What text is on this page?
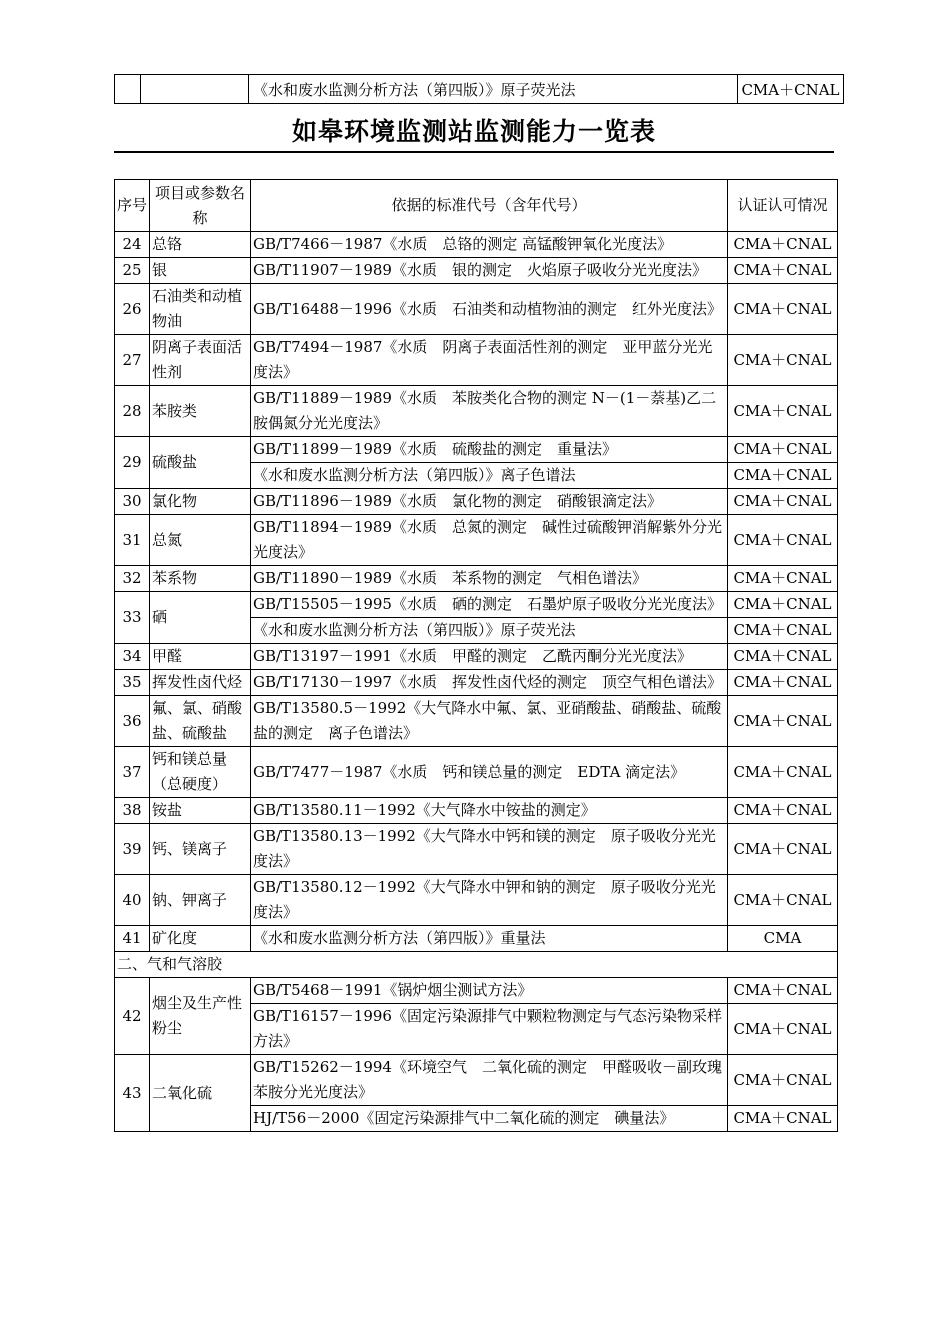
		《水和废水监测分析方法（第四版）》原子荧光法	CMA＋CNAL
如皋环境监测站监测能力一览表
序号	项目或参数名称	依据的标准代号（含年代号）	认证认可情况
24	总铬	GB/T7466－1987《水质　总铬的测定 高锰酸钾氧化光度法》	CMA＋CNAL
25	银	GB/T11907－1989《水质　银的测定　火焰原子吸收分光光度法》	CMA＋CNAL
26	石油类和动植物油	GB/T16488－1996《水质　石油类和动植物油的测定　红外光度法》	CMA＋CNAL
27	阴离子表面活性剂	GB/T7494－1987《水质　阴离子表面活性剂的测定　亚甲蓝分光光度法》	CMA＋CNAL
28	苯胺类	GB/T11889－1989《水质　苯胺类化合物的测定 N－(1－萘基)乙二胺偶氮分光光度法》	CMA＋CNAL
29	硫酸盐	GB/T11899－1989《水质　硫酸盐的测定　重量法》	CMA＋CNAL
		《水和废水监测分析方法（第四版）》离子色谱法	CMA＋CNAL
30	氯化物	GB/T11896－1989《水质　氯化物的测定　硝酸银滴定法》	CMA＋CNAL
31	总氮	GB/T11894－1989《水质　总氮的测定　碱性过硫酸钾消解紫外分光光度法》	CMA＋CNAL
32	苯系物	GB/T11890－1989《水质　苯系物的测定　气相色谱法》	CMA＋CNAL
33	硒	GB/T15505－1995《水质　硒的测定　石墨炉原子吸收分光光度法》	CMA＋CNAL
		《水和废水监测分析方法（第四版）》原子荧光法	CMA＋CNAL
34	甲醛	GB/T13197－1991《水质　甲醛的测定　乙酰丙酮分光光度法》	CMA＋CNAL
35	挥发性卤代烃	GB/T17130－1997《水质　挥发性卤代烃的测定　顶空气相色谱法》	CMA＋CNAL
36	氟、氯、硝酸盐、硫酸盐	GB/T13580.5－1992《大气降水中氟、氯、亚硝酸盐、硝酸盐、硫酸盐的测定　离子色谱法》	CMA＋CNAL
37	钙和镁总量（总硬度）	GB/T7477－1987《水质　钙和镁总量的测定　EDTA 滴定法》	CMA＋CNAL
38	铵盐	GB/T13580.11－1992《大气降水中铵盐的测定》	CMA＋CNAL
39	钙、镁离子	GB/T13580.13－1992《大气降水中钙和镁的测定　原子吸收分光光度法》	CMA＋CNAL
40	钠、钾离子	GB/T13580.12－1992《大气降水中钾和钠的测定　原子吸收分光光度法》	CMA＋CNAL
41	矿化度	《水和废水监测分析方法（第四版）》重量法	CMA
二、气和气溶胶			
42	烟尘及生产性粉尘	GB/T5468－1991《锅炉烟尘测试方法》	CMA＋CNAL
		GB/T16157－1996《固定污染源排气中颗粒物测定与气态污染物采样方法》	CMA＋CNAL
43	二氧化硫	GB/T15262－1994《环境空气　二氧化硫的测定　甲醛吸收－副玫瑰苯胺分光光度法》	CMA＋CNAL
		HJ/T56－2000《固定污染源排气中二氧化硫的测定　碘量法》	CMA＋CNAL
